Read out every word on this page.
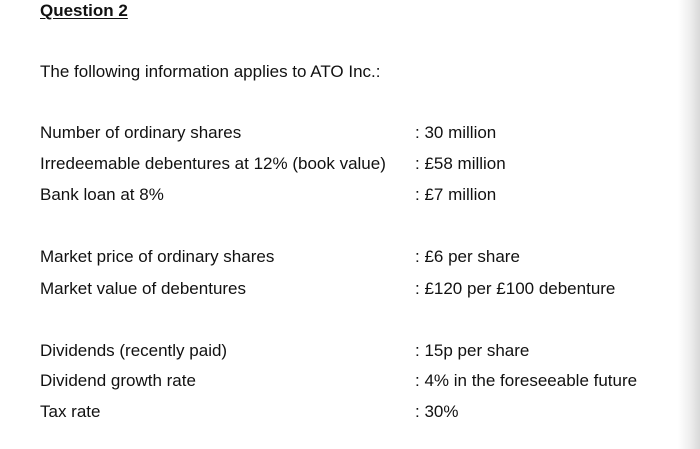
Question 2
The following information applies to ATO Inc.:
Number of ordinary shares	: 30 million
Irredeemable debentures at 12% (book value) : £58 million
Bank loan at 8%	: £7 million
Market price of ordinary shares	: £6 per share
Market value of debentures	: £120 per £100 debenture
Dividends (recently paid)	: 15p per share
Dividend growth rate	: 4% in the foreseeable future
Tax rate	: 30%
